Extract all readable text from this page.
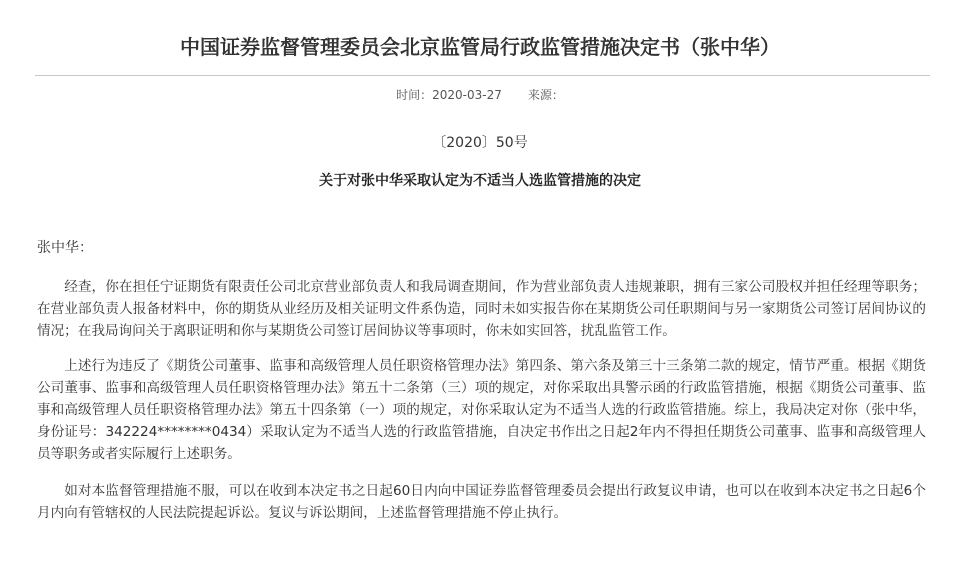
中国证券监督管理委员会北京监管局行政监管措施决定书（张中华）
时间：2020-03-27 来源：
〔2020〕50号
关于对张中华采取认定为不适当人选监管措施的决定
张中华：

经查，你在担任宁证期货有限责任公司北京营业部负责人和我局调查期间，作为营业部负责人违规兼职，拥有三家公司股权并担任经理等职务；在营业部负责人报备材料中，你的期货从业经历及相关证明文件系伪造，同时未如实报告你在某期货公司任职期间与另一家期货公司签订居间协议的情况；在我局询问关于离职证明和你与某期货公司签订居间协议等事项时，你未如实回答，扰乱监管工作。

上述行为违反了《期货公司董事、监事和高级管理人员任职资格管理办法》第四条、第六条及第三十三条第二款的规定，情节严重。根据《期货公司董事、监事和高级管理人员任职资格管理办法》第五十二条第（三）项的规定，对你采取出具警示函的行政监管措施，根据《期货公司董事、监事和高级管理人员任职资格管理办法》第五十四条第（一）项的规定，对你采取认定为不适当人选的行政监管措施。综上，我局决定对你（张中华，身份证号：342224********0434）采取认定为不适当人选的行政监管措施，自决定书作出之日起2年内不得担任期货公司董事、监事和高级管理人员等职务或者实际履行上述职务。

如对本监督管理措施不服，可以在收到本决定书之日起60日内向中国证券监督管理委员会提出行政复议申请，也可以在收到本决定书之日起6个月内向有管辖权的人民法院提起诉讼。复议与诉讼期间，上述监督管理措施不停止执行。
